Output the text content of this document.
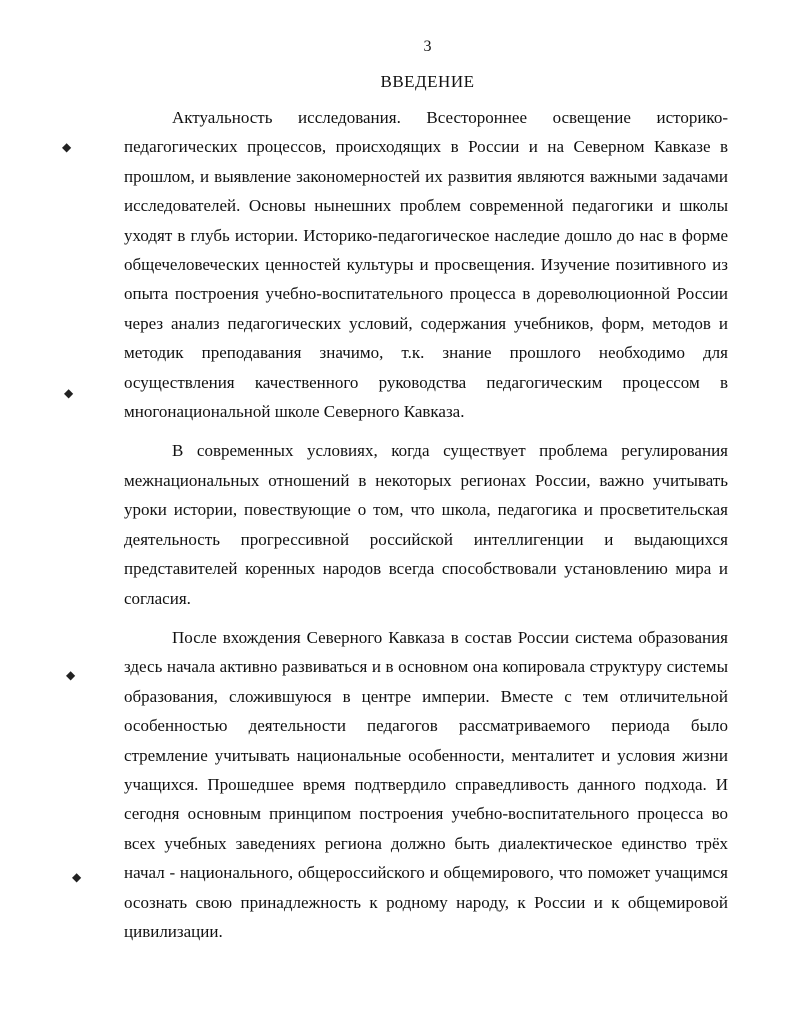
3
ВВЕДЕНИЕ

Актуальность исследования. Всестороннее освещение историко-педагогических процессов, происходящих в России и на Северном Кавказе в прошлом, и выявление закономерностей их развития являются важными задачами исследователей. Основы нынешних проблем современной педагогики и школы уходят в глубь истории. Историко-педагогическое наследие дошло до нас в форме общечеловеческих ценностей культуры и просвещения. Изучение позитивного из опыта построения учебно-воспитательного процесса в дореволюционной России через анализ педагогических условий, содержания учебников, форм, методов и методик преподавания значимо, т.к. знание прошлого необходимо для осуществления качественного руководства педагогическим процессом в многонациональной школе Северного Кавказа.

В современных условиях, когда существует проблема регулирования межнациональных отношений в некоторых регионах России, важно учитывать уроки истории, повествующие о том, что школа, педагогика и просветительская деятельность прогрессивной российской интеллигенции и выдающихся представителей коренных народов всегда способствовали установлению мира и согласия.

После вхождения Северного Кавказа в состав России система образования здесь начала активно развиваться и в основном она копировала структуру системы образования, сложившуюся в центре империи. Вместе с тем отличительной особенностью деятельности педагогов рассматриваемого периода было стремление учитывать национальные особенности, менталитет и условия жизни учащихся. Прошедшее время подтвердило справедливость данного подхода. И сегодня основным принципом построения учебно-воспитательного процесса во всех учебных заведениях региона должно быть диалектическое единство трёх начал - национального, общероссийского и общемирового, что поможет учащимся осознать свою принадлежность к родному народу, к России и к общемировой цивилизации.

◆
◆
◆
◆
